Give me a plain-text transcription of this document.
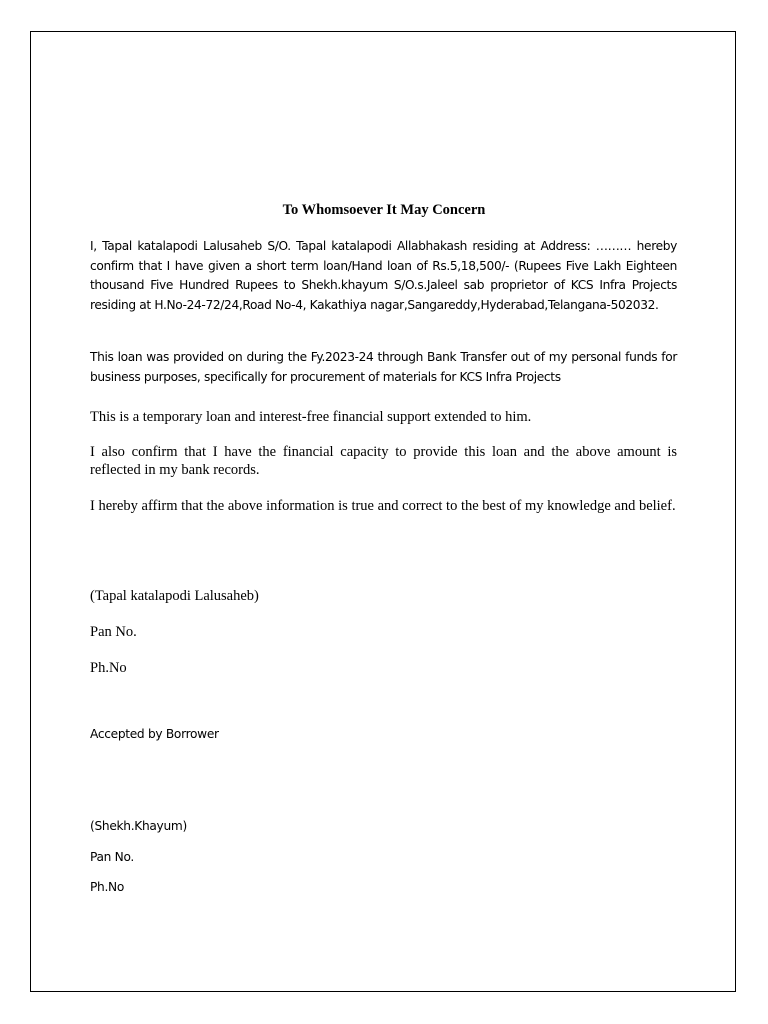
To Whomsoever It May Concern

I, Tapal katalapodi Lalusaheb S/O. Tapal katalapodi Allabhakash residing at Address: ……… hereby confirm that I have given a short term loan/Hand loan of Rs.5,18,500/- (Rupees Five Lakh Eighteen thousand Five Hundred Rupees to Shekh.khayum S/O.s.Jaleel sab proprietor of KCS Infra Projects residing at H.No-24-72/24,Road No-4, Kakathiya nagar,Sangareddy,Hyderabad,Telangana-502032.

This loan was provided on during the Fy.2023-24 through Bank Transfer out of my personal funds for business purposes, specifically for procurement of materials for KCS Infra Projects

This is a temporary loan and interest-free financial support extended to him.

I also confirm that I have the financial capacity to provide this loan and the above amount is reflected in my bank records.

I hereby affirm that the above information is true and correct to the best of my knowledge and belief.

(Tapal katalapodi Lalusaheb)

Pan No.

Ph.No

Accepted by Borrower

(Shekh.Khayum)

Pan No.

Ph.No
